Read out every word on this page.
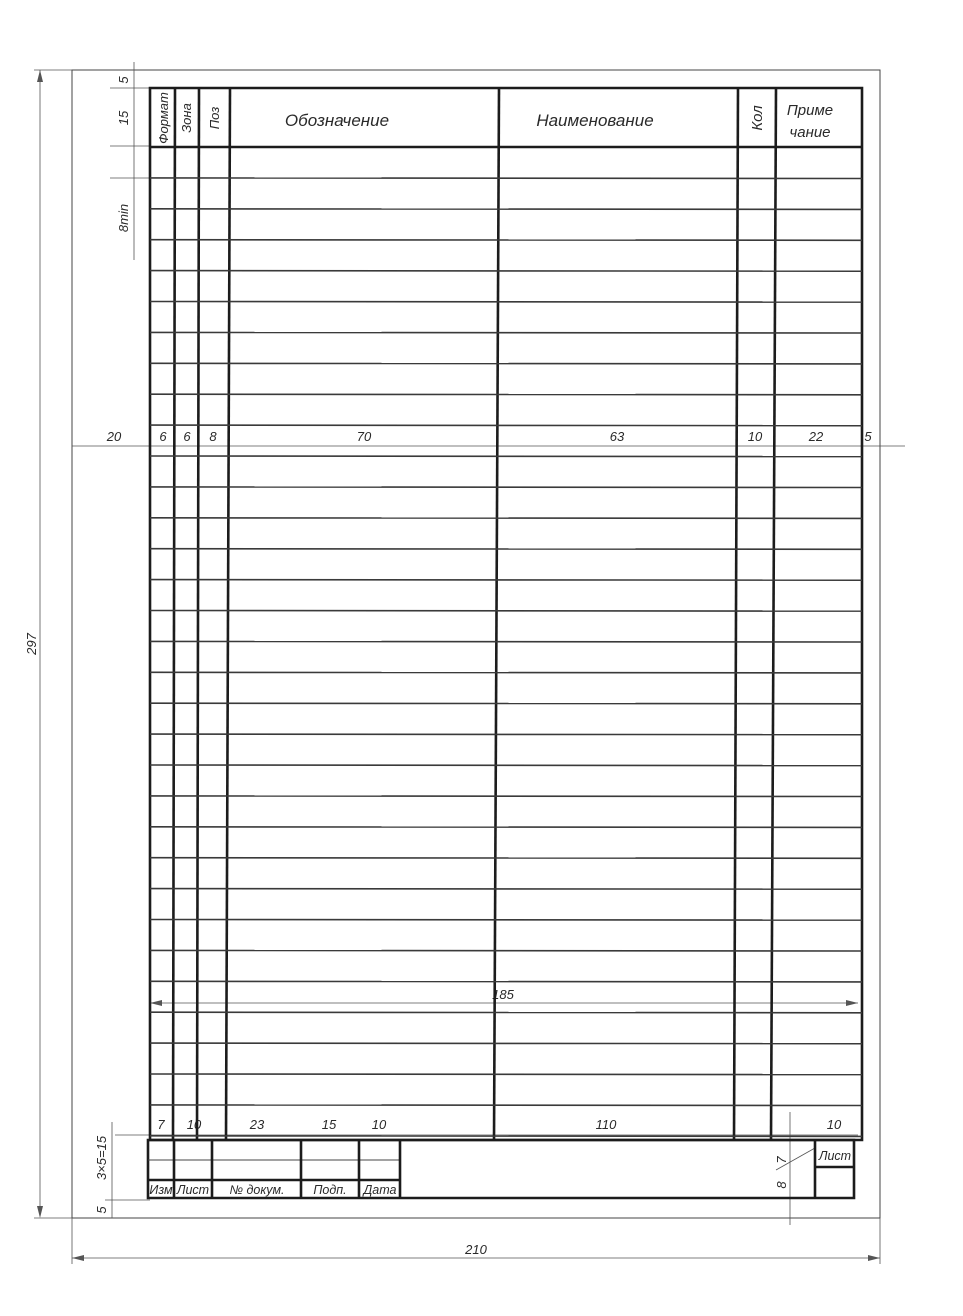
297
210
5
15
8min
20	6 6 8	70	63	10	22	5
185
7 10	23	15	10	110	10
3×5=15
5
7
8
Формат Зона Поз	Обозначение	Наименование	Кол Приме
чание
Изм Лист № докум. Подп. Дата
Лист
